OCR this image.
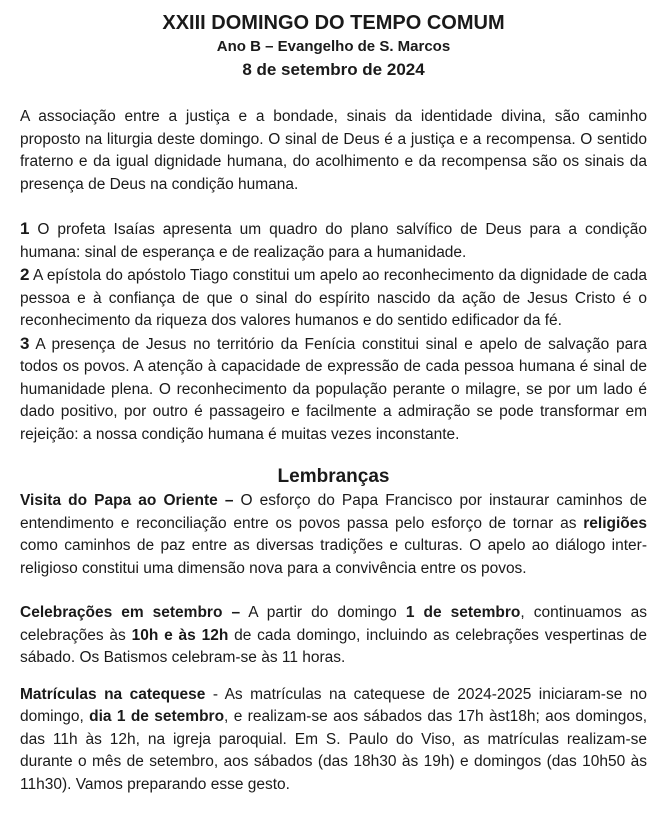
XXIII DOMINGO DO TEMPO COMUM
Ano B – Evangelho de S. Marcos
8 de setembro de 2024

A associação entre a justiça e a bondade, sinais da identidade divina, são caminho proposto na liturgia deste domingo. O sinal de Deus é a justiça e a recompensa. O sentido fraterno e da igual dignidade humana, do acolhimento e da recompensa são os sinais da presença de Deus na condição humana.

1 O profeta Isaías apresenta um quadro do plano salvífico de Deus para a condição humana: sinal de esperança e de realização para a humanidade.

2 A epístola do apóstolo Tiago constitui um apelo ao reconhecimento da dignidade de cada pessoa e à confiança de que o sinal do espírito nascido da ação de Jesus Cristo é o reconhecimento da riqueza dos valores humanos e do sentido edificador da fé.

3 A presença de Jesus no território da Fenícia constitui sinal e apelo de salvação para todos os povos. A atenção à capacidade de expressão de cada pessoa humana é sinal de humanidade plena. O reconhecimento da população perante o milagre, se por um lado é dado positivo, por outro é passageiro e facilmente a admiração se pode transformar em rejeição: a nossa condição humana é muitas vezes inconstante.

Lembranças

Visita do Papa ao Oriente – O esforço do Papa Francisco por instaurar caminhos de entendimento e reconciliação entre os povos passa pelo esforço de tornar as religiões como caminhos de paz entre as diversas tradições e culturas. O apelo ao diálogo inter-religioso constitui uma dimensão nova para a convivência entre os povos.

Celebrações em setembro – A partir do domingo 1 de setembro, continuamos as celebrações às 10h e às 12h de cada domingo, incluindo as celebrações vespertinas de sábado. Os Batismos celebram-se às 11 horas.

Matrículas na catequese - As matrículas na catequese de 2024-2025 iniciaram-se no domingo, dia 1 de setembro, e realizam-se aos sábados das 17h àst18h; aos domingos, das 11h às 12h, na igreja paroquial. Em S. Paulo do Viso, as matrículas realizam-se durante o mês de setembro, aos sábados (das 18h30 às 19h) e domingos (das 10h50 às 11h30). Vamos preparando esse gesto.
